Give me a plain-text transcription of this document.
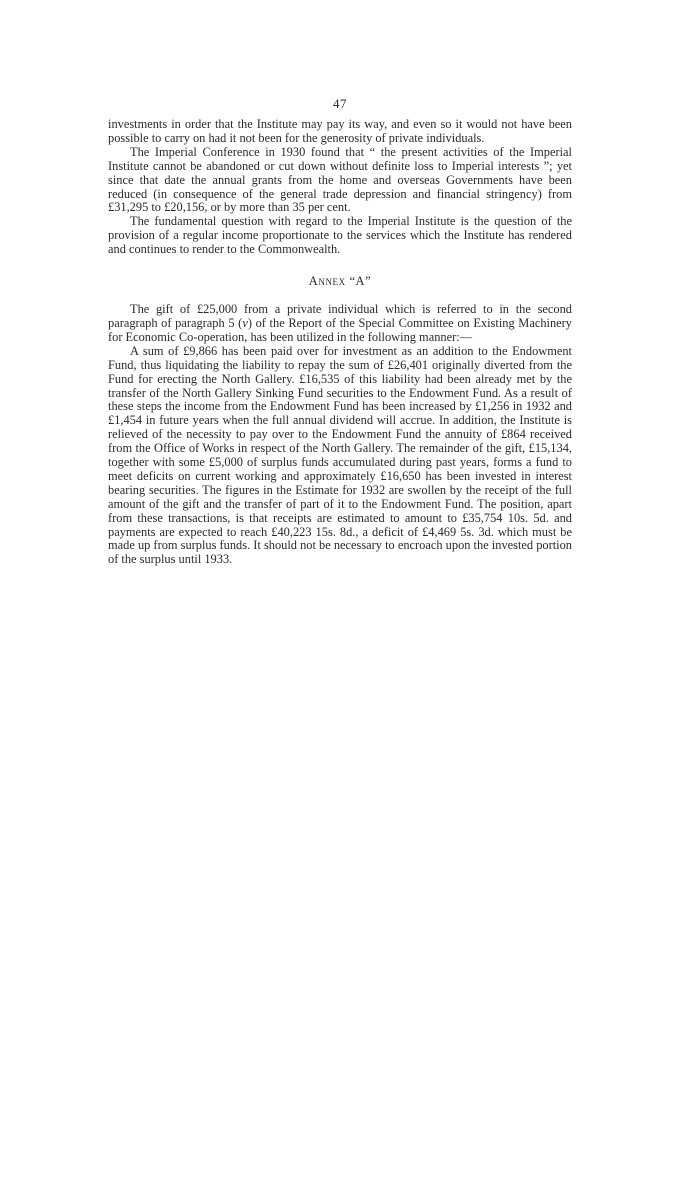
47

investments in order that the Institute may pay its way, and even so it would not have been possible to carry on had it not been for the generosity of private individuals.

The Imperial Conference in 1930 found that “ the present activities of the Imperial Institute cannot be abandoned or cut down without definite loss to Imperial interests ”; yet since that date the annual grants from the home and overseas Governments have been reduced (in consequence of the general trade depression and financial stringency) from £31,295 to £20,156, or by more than 35 per cent.

The fundamental question with regard to the Imperial Institute is the question of the provision of a regular income proportionate to the services which the Institute has rendered and continues to render to the Commonwealth.

Annex “A”

The gift of £25,000 from a private individual which is referred to in the second paragraph of paragraph 5 (v) of the Report of the Special Committee on Existing Machinery for Economic Co-operation, has been utilized in the following manner:—

A sum of £9,866 has been paid over for investment as an addition to the Endowment Fund, thus liquidating the liability to repay the sum of £26,401 originally diverted from the Fund for erecting the North Gallery. £16,535 of this liability had been already met by the transfer of the North Gallery Sinking Fund securities to the Endowment Fund. As a result of these steps the income from the Endowment Fund has been increased by £1,256 in 1932 and £1,454 in future years when the full annual dividend will accrue. In addition, the Institute is relieved of the necessity to pay over to the Endowment Fund the annuity of £864 received from the Office of Works in respect of the North Gallery. The remainder of the gift, £15,134, together with some £5,000 of surplus funds accumulated during past years, forms a fund to meet deficits on current working and approximately £16,650 has been invested in interest bearing securities. The figures in the Estimate for 1932 are swollen by the receipt of the full amount of the gift and the transfer of part of it to the Endowment Fund. The position, apart from these transactions, is that receipts are estimated to amount to £35,754 10s. 5d. and payments are expected to reach £40,223 15s. 8d., a deficit of £4,469 5s. 3d. which must be made up from surplus funds. It should not be necessary to encroach upon the invested portion of the surplus until 1933.
